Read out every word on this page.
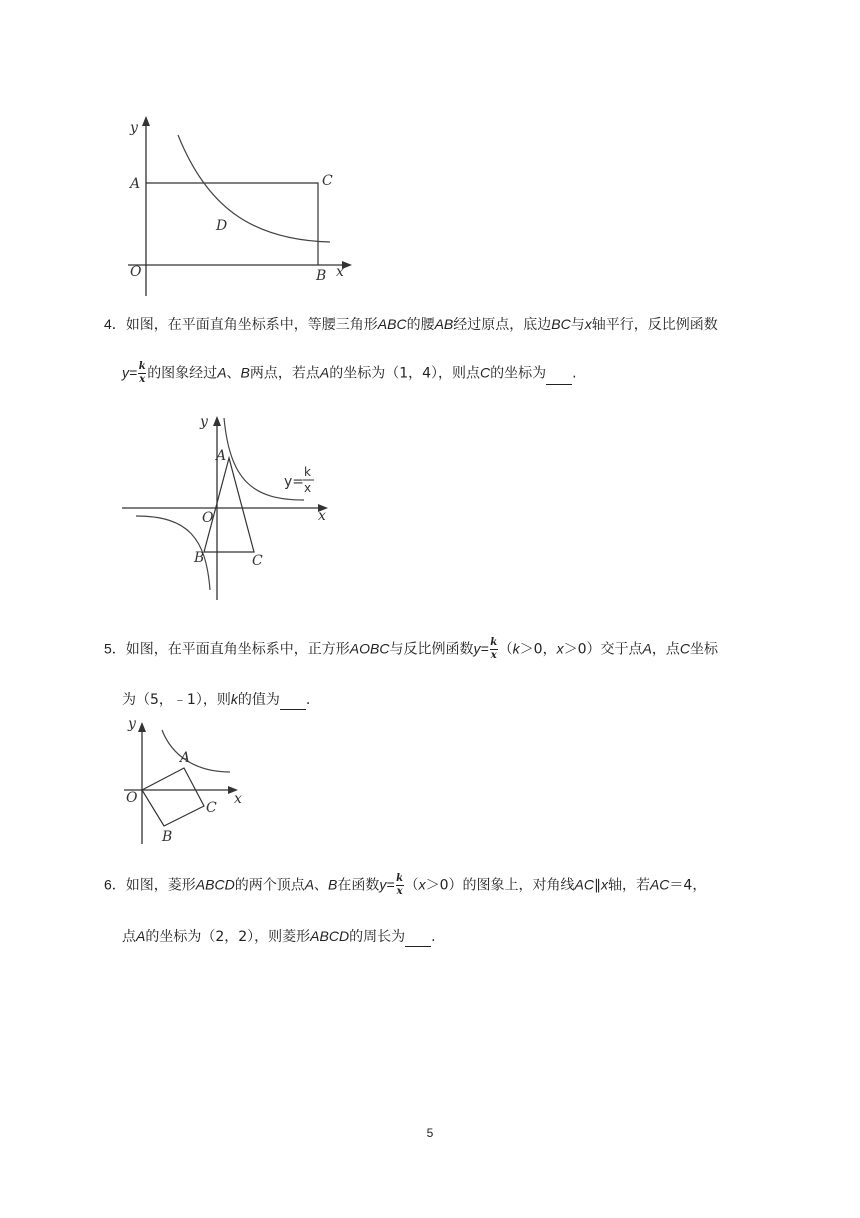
y
A	C
D
O	B x
4．如图，在平面直角坐标系中，等腰三角形ABC的腰AB经过原点，底边BC与x轴平行，反比例函数
$y= \frac{k}{x}$ 的图象经过A、B两点，若点A的坐标为（1，4），则点C的坐标为 .
y
A
y=
k
x
O	x
B	C
5．如图，在平面直角坐标系中，正方形AOBC与反比例函数$y= \frac{k}{x} (k>0$，x＞0）交于点A，点C坐标
为（5，﹣1），则k的值为 .
y
A
O
C
x
B
6．如图，菱形ABCD的两个顶点A、B在函数$y= \frac{k}{x} (x>0)$的图象上，对角线AC∥x轴，若AC＝4，
点A的坐标为（2，2），则菱形ABCD的周长为 .
5
